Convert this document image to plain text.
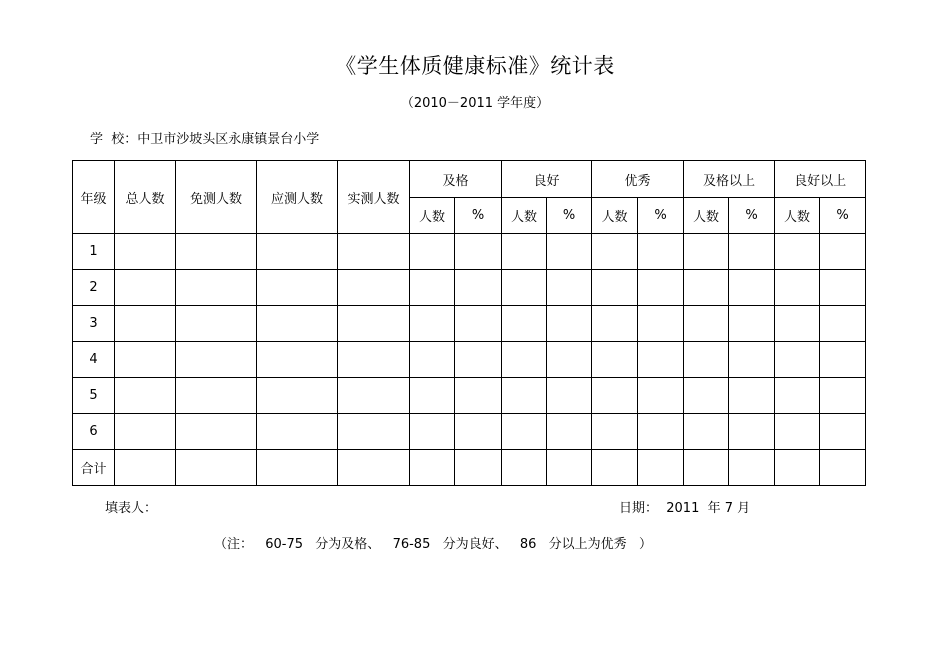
《学生体质健康标准》统计表
（2010－2011 学年度）
学  校：中卫市沙坡头区永康镇景台小学
年级	总人数	免测人数	应测人数	实测人数	及格		良好		优秀		及格以上		良好以上	
					人数	%	人数	%	人数	%	人数	%	人数	%
1														
2														
3														
4														
5														
6														
合计														
填表人：	日期：  2011  年 7 月
（注：  60-75  分为及格、  76-85  分为良好、  86  分以上为优秀  ）
